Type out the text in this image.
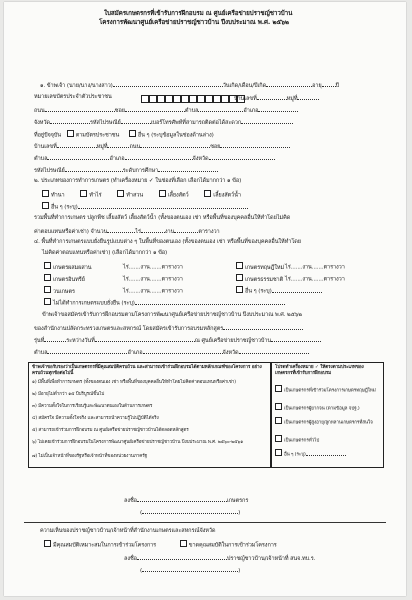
ใบสมัครเกษตรกรที่เข้ารับการฝึกอบรม ณ ศูนย์เครือข่ายปราชญ์ชาวบ้าน
โครงการพัฒนาศูนย์เครือข่ายปราชญ์ชาวบ้าน ปีงบประมาณ พ.ศ. ๒๕๖๒
๑. ข้าพเจ้า (นาย/นาง/นางสาว)	วันเกิด/เดือน/ปีเกิด	อายุ	ปี
หมายเลขบัตรประจำตัวประชาชน	บ้านเลขที่	หมู่ที่
ถนน	ซอย	ตำบล	อำเภอ
จังหวัด	รหัสไปรษณีย์	เบอร์โทรศัพท์ที่สามารถติดต่อได้สะดวก
ที่อยู่ปัจจุบัน	ตามบัตรประชาชน	อื่น ๆ (ระบุข้อมูลในช่องด้านล่าง)
บ้านเลขที่	หมู่ที่	ถนน	ซอย
ตำบล	อำเภอ	จังหวัด
รหัสไปรษณีย์	ระดับการศึกษา
๒. ประเภทของการทำการเกษตร (ทำเครื่องหมาย ✓ ในช่องที่เลือก เลือกได้มากกว่า ๑ ข้อ)
ทำนา	ทำไร่	ทำสวน	เลี้ยงสัตว์	เลี้ยงสัตว์น้ำ
อื่น ๆ (ระบุ)
รวมพื้นที่ทำการเกษตร ปลูกพืช เลี้ยงสัตว์ เลี้ยงสัตว์น้ำ (ทั้งของตนเอง เช่า หรือพื้นที่ของบุคคลอื่นให้ทำโดยไม่คิด
ค่าตอบแทนหรือค่าเช่า) จำนวน	ไร่	งาน	ตารางวา
๔. พื้นที่ทำการเกษตรแบบยั่งยืนรูปแบบต่าง ๆ ในพื้นที่ของตนเอง (ทั้งของตนเอง เช่า หรือพื้นที่ของบุคคลอื่นให้ทำโดย
ไม่คิดค่าตอบแทนหรือค่าเช่า) (เลือกได้มากกว่า ๑ ข้อ)
เกษตรผสมผสาน	ไร่.......งาน.......ตารางวา	เกษตรทฤษฎีใหม่ไร่.......งาน.......ตารางวา
เกษตรอินทรีย์	ไร่.......งาน.......ตารางวา	เกษตรธรรมชาติ ไร่.......งาน.......ตารางวา
วนเกษตร	ไร่.......งาน.......ตารางวา	อื่น ๆ (ระบุ)
ไม่ได้ทำการเกษตรแบบยั่งยืน (ระบุ)
ข้าพเจ้าขอสมัครเข้ารับการฝึกอบรมตามโครงการพัฒนาศูนย์เครือข่ายปราชญ์ชาวบ้าน ปีงบประมาณ พ.ศ. ๒๕๖๒
ของสำนักงานปลัดกระทรวงเกษตรและสหกรณ์ โดยสมัครเข้ารับการอบรมหลักสูตร
รุ่นที่	ระหว่างวันที่	ณ ศูนย์เครือข่ายปราชญ์ชาวบ้าน
ตำบล	อำเภอ	จังหวัด
ข้าพเจ้าขอรับรองว่าเป็นเกษตรกรที่มีคุณสมบัติครบถ้วน และสามารถเข้าร่วมฝึกอบรมได้ตามหลักเกณฑ์ของโครงการ อย่างครบถ้วนทุกข้อต่อไปนี้
๑) มีพื้นที่เพื่อทำการเกษตร (ทั้งของตนเอง เช่า หรือพื้นที่ของบุคคลอื่นให้ทำโดยไม่คิดค่าตอบแทนหรือค่าเช่า)
๒) มีอายุไม่ต่ำกว่า ๑๕ ปีบริบูรณ์ขึ้นไป
๓) มีความตั้งใจในการเรียนรู้และพัฒนาตนเองในด้านการเกษตร
๔) สมัครใจ มีความตั้งใจจริง และสามารถนำความรู้ไปปฏิบัติได้จริง
๕) สามารถเข้าร่วมการฝึกอบรม ณ ศูนย์เครือข่ายปราชญ์ชาวบ้านได้ตลอดหลักสูตร
๖) ไม่เคยเข้าร่วมการฝึกอบรมในโครงการพัฒนาศูนย์เครือข่ายปราชญ์ชาวบ้าน ปีงบประมาณ พ.ศ. ๒๕๖๐-๒๕๖๑
๗) ไม่เป็นเจ้าหน้าที่ของรัฐหรือเจ้าหน้าที่ของหน่วยงานภาครัฐ
โปรดทำเครื่องหมาย ✓ ให้ตรงตามประเภทของเกษตรกรที่เข้ารับการฝึกอบรม
เป็นเกษตรกรที่เข้าร่วมโครงการเกษตรทฤษฎีใหม่
เป็นเกษตรกรผู้ยากจน (ตามข้อมูล จปฐ.)
เป็นเกษตรกรผู้สูงอายุ/ลูกหลานเกษตรกรที่สนใจ
เป็นเกษตรกรทั่วไป
อื่น ๆ (ระบุ)
ลงชื่อ	เกษตรกร
(	)
ความเห็นของปราชญ์ชาวบ้าน/เจ้าหน้าที่สำนักงานเกษตรและสหกรณ์จังหวัด
มีคุณสมบัติเหมาะสมในการเข้าร่วมโครงการ	ขาดคุณสมบัติในการเข้าร่วมโครงการ
ลงชื่อ	ปราชญ์ชาวบ้าน/เจ้าหน้าที่ สนจ.ทบ.ร.
(	)
